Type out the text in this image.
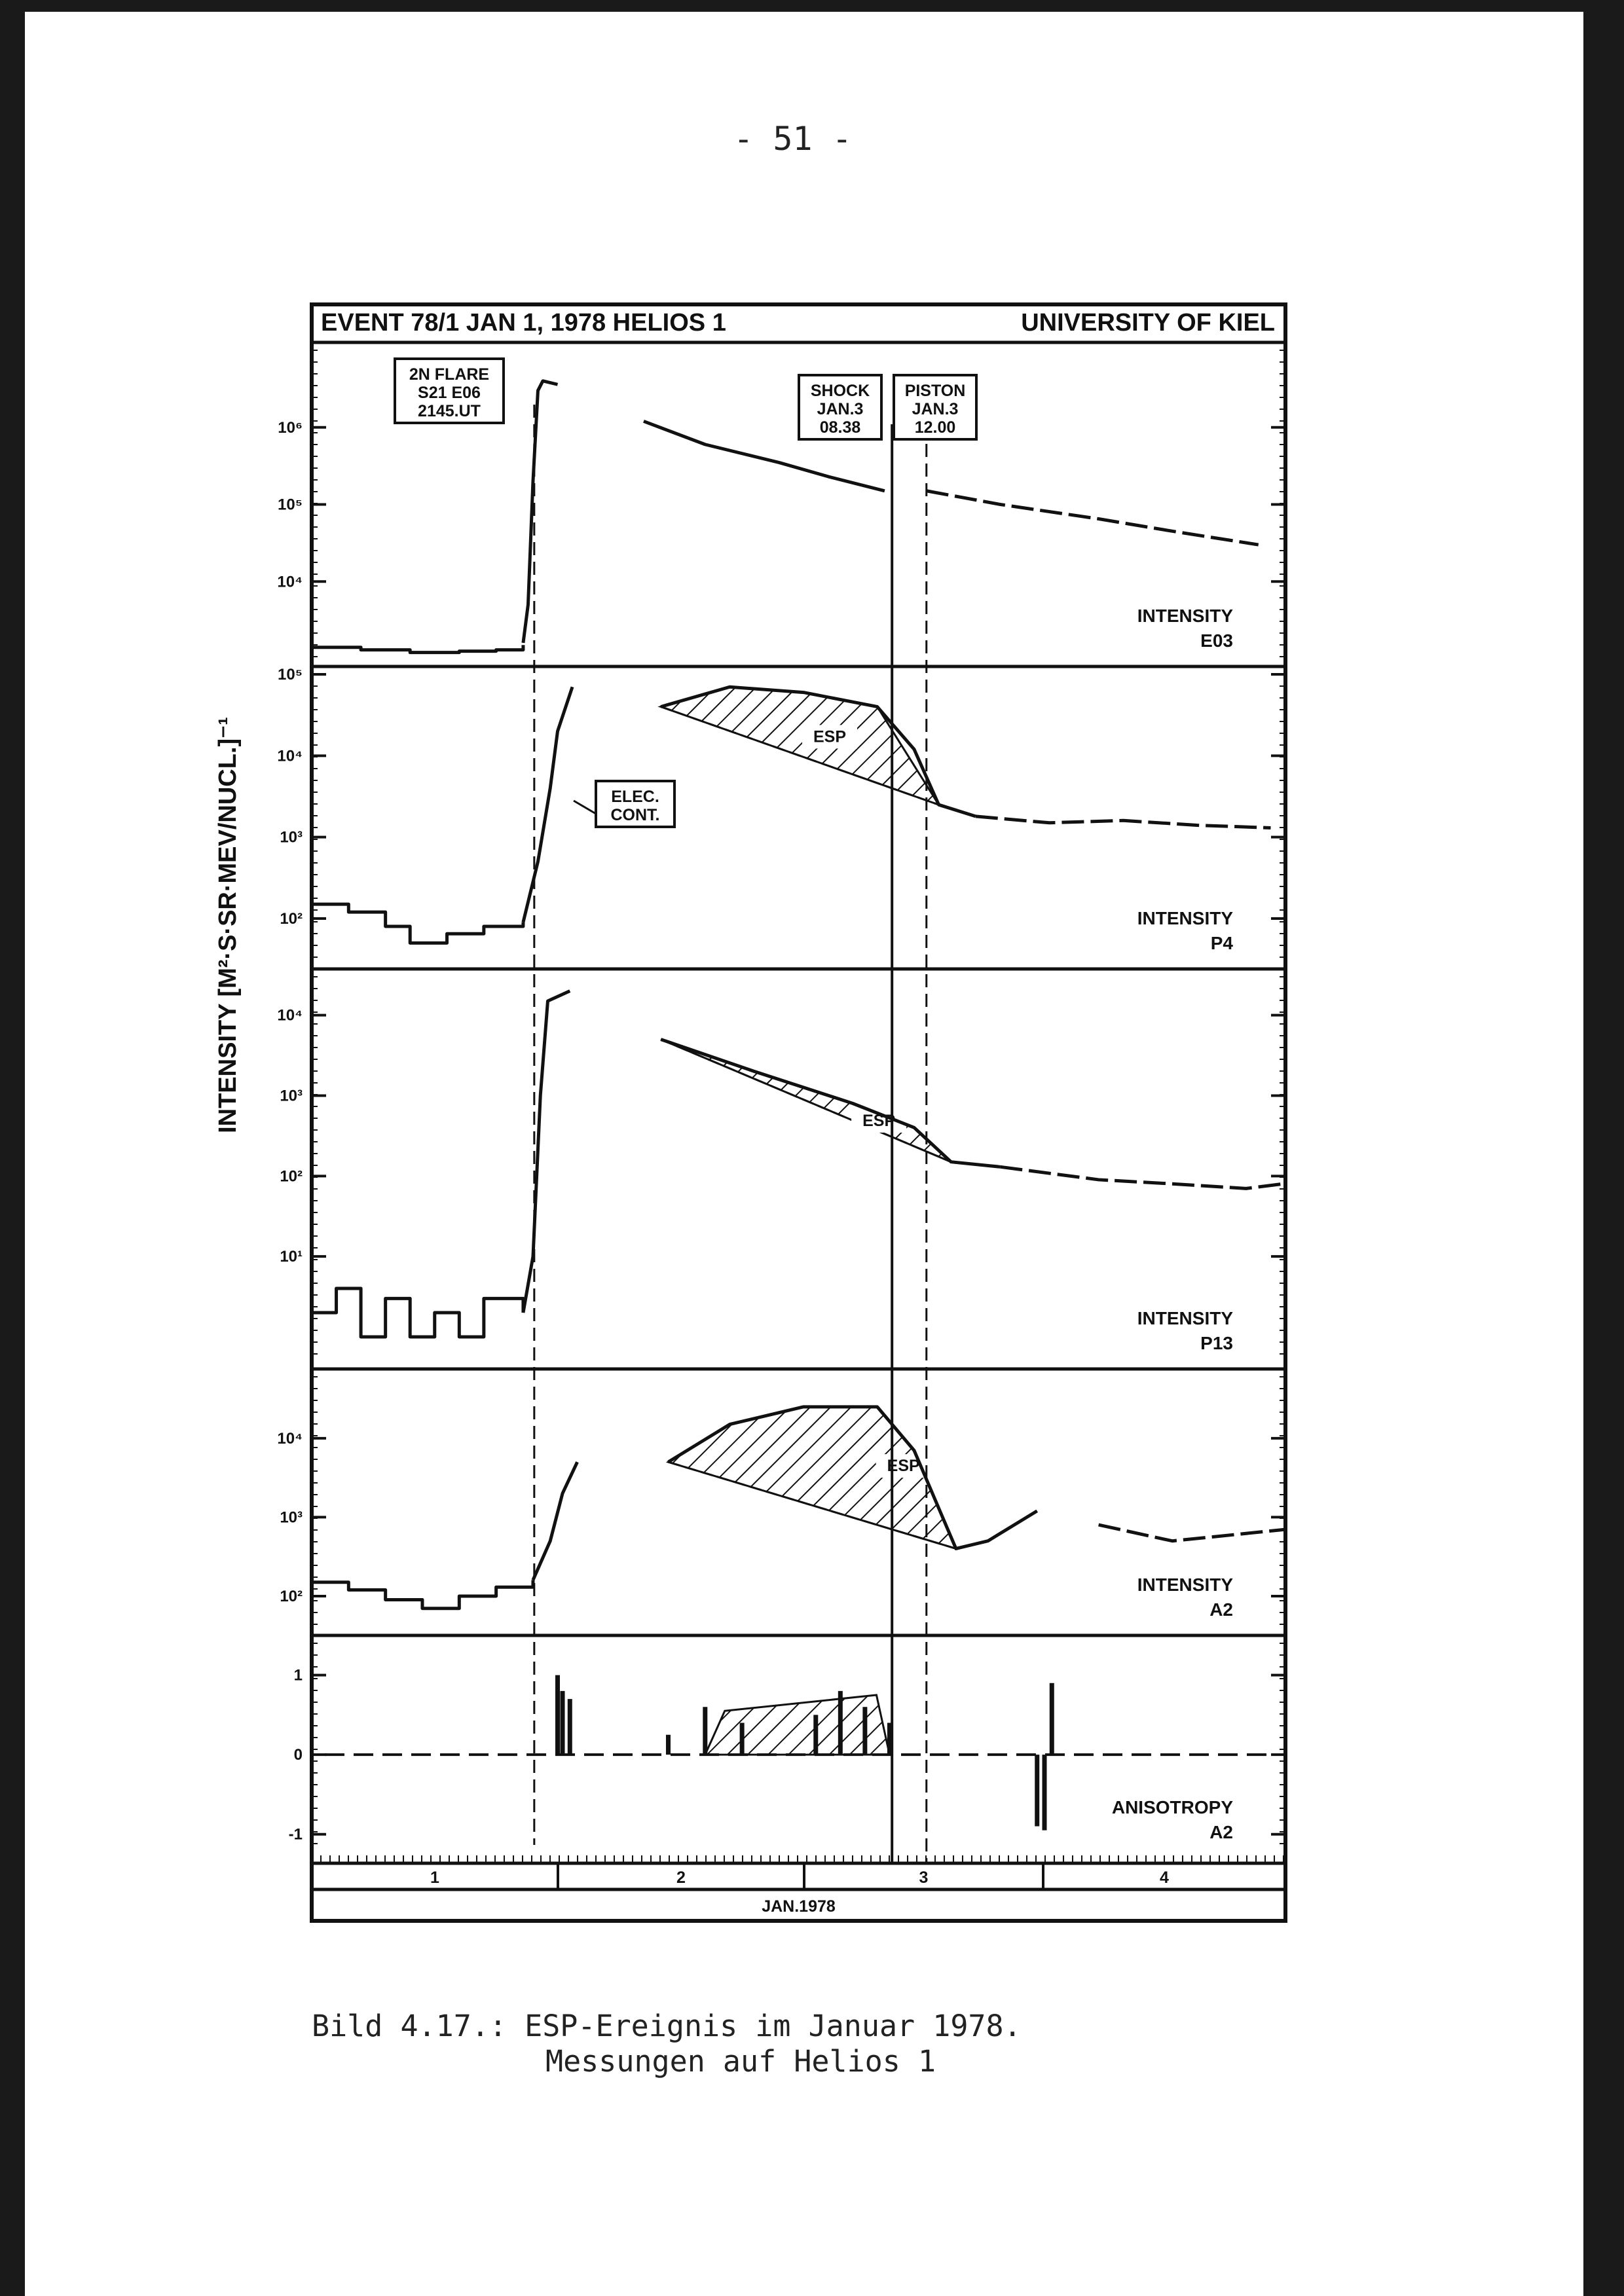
- 51 -
EVENT 78/1 JAN 1, 1978 HELIOS 1	UNIVERSITY OF KIEL
INTENSITY [M²·S·SR·MEV/NUCL.]⁻¹
10⁴
10⁵
10⁶
INTENSITY
E03
10²
10³
10⁴
10⁵
INTENSITY
P4
ESP
10¹
10²
10³
10⁴
INTENSITY
P13
ESP
10²
10³
10⁴
INTENSITY
A2
ESP
1
0
-1
ANISOTROPY
A2
1	2	3	4
JAN.1978
2N FLARE
S21 E06
2145.UT
SHOCK
JAN.3
08.38
PISTON
JAN.3
12.00
ELEC.
CONT.
Bild 4.17.: ESP-Ereignis im Januar 1978.
Messungen auf Helios 1
